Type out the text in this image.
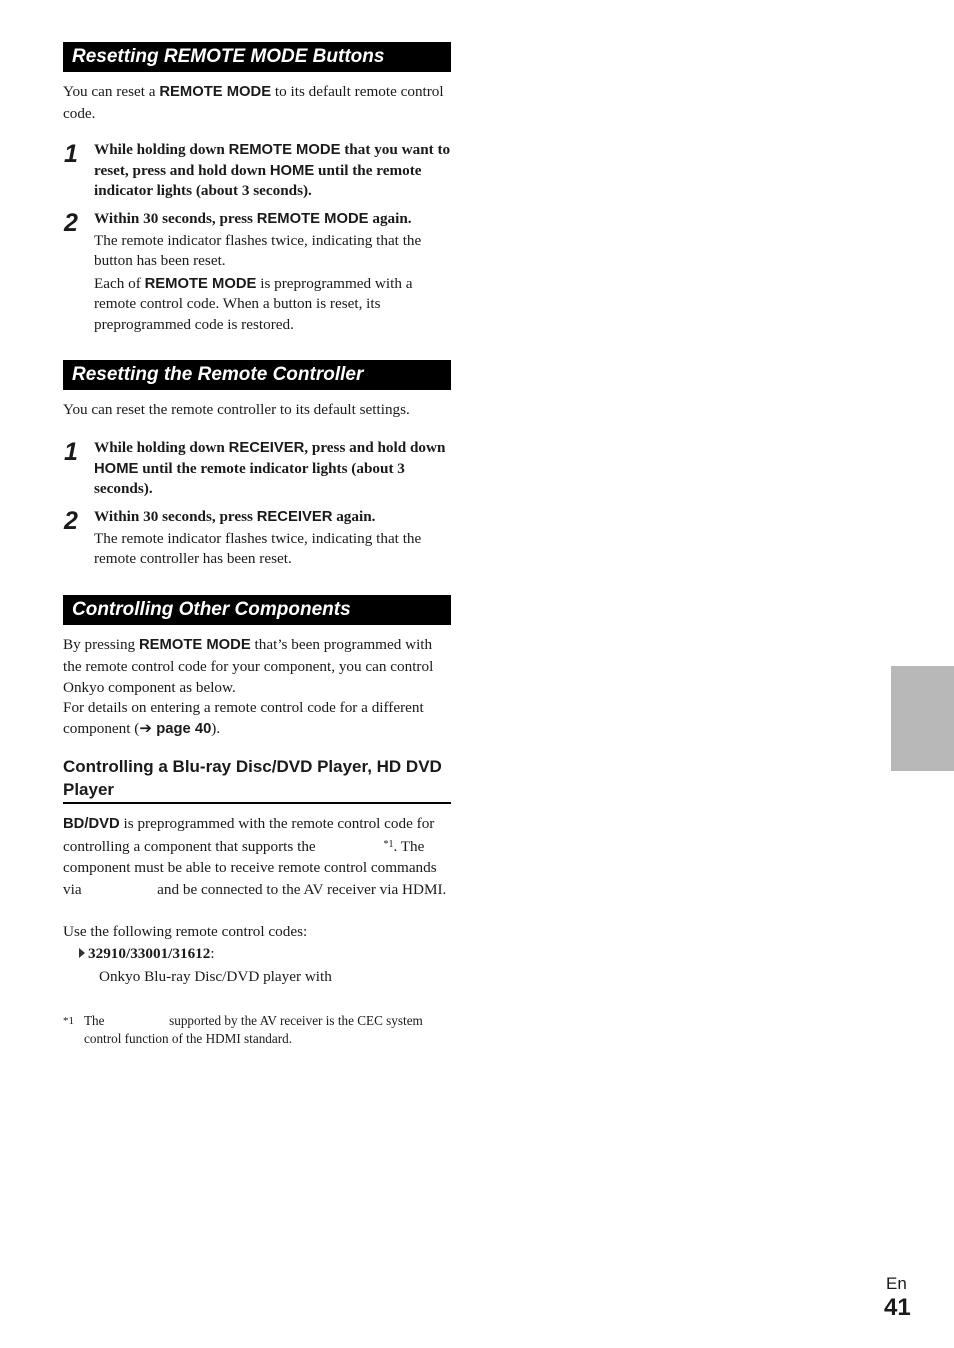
Resetting REMOTE MODE Buttons
You can reset a REMOTE MODE to its default remote control code.
1 While holding down REMOTE MODE that you want to reset, press and hold down HOME until the remote indicator lights (about 3 seconds).
2 Within 30 seconds, press REMOTE MODE again.
The remote indicator flashes twice, indicating that the button has been reset.
Each of REMOTE MODE is preprogrammed with a remote control code. When a button is reset, its preprogrammed code is restored.
Resetting the Remote Controller
You can reset the remote controller to its default settings.
1 While holding down RECEIVER, press and hold down HOME until the remote indicator lights (about 3 seconds).
2 Within 30 seconds, press RECEIVER again.
The remote indicator flashes twice, indicating that the remote controller has been reset.
Controlling Other Components
By pressing REMOTE MODE that’s been programmed with the remote control code for your component, you can control Onkyo component as below.
For details on entering a remote control code for a different component (➔ page 40).
Controlling a Blu-ray Disc/DVD Player, HD DVD Player
BD/DVD is preprogrammed with the remote control code for controlling a component that supports the	$^{*1}$. The component must be able to receive remote control commands via	and be connected to the AV receiver via HDMI.
Use the following remote control codes:
32910/33001/31612:
Onkyo Blu-ray Disc/DVD player with
*1 The	supported by the AV receiver is the CEC system control function of the HDMI standard.
En
41
